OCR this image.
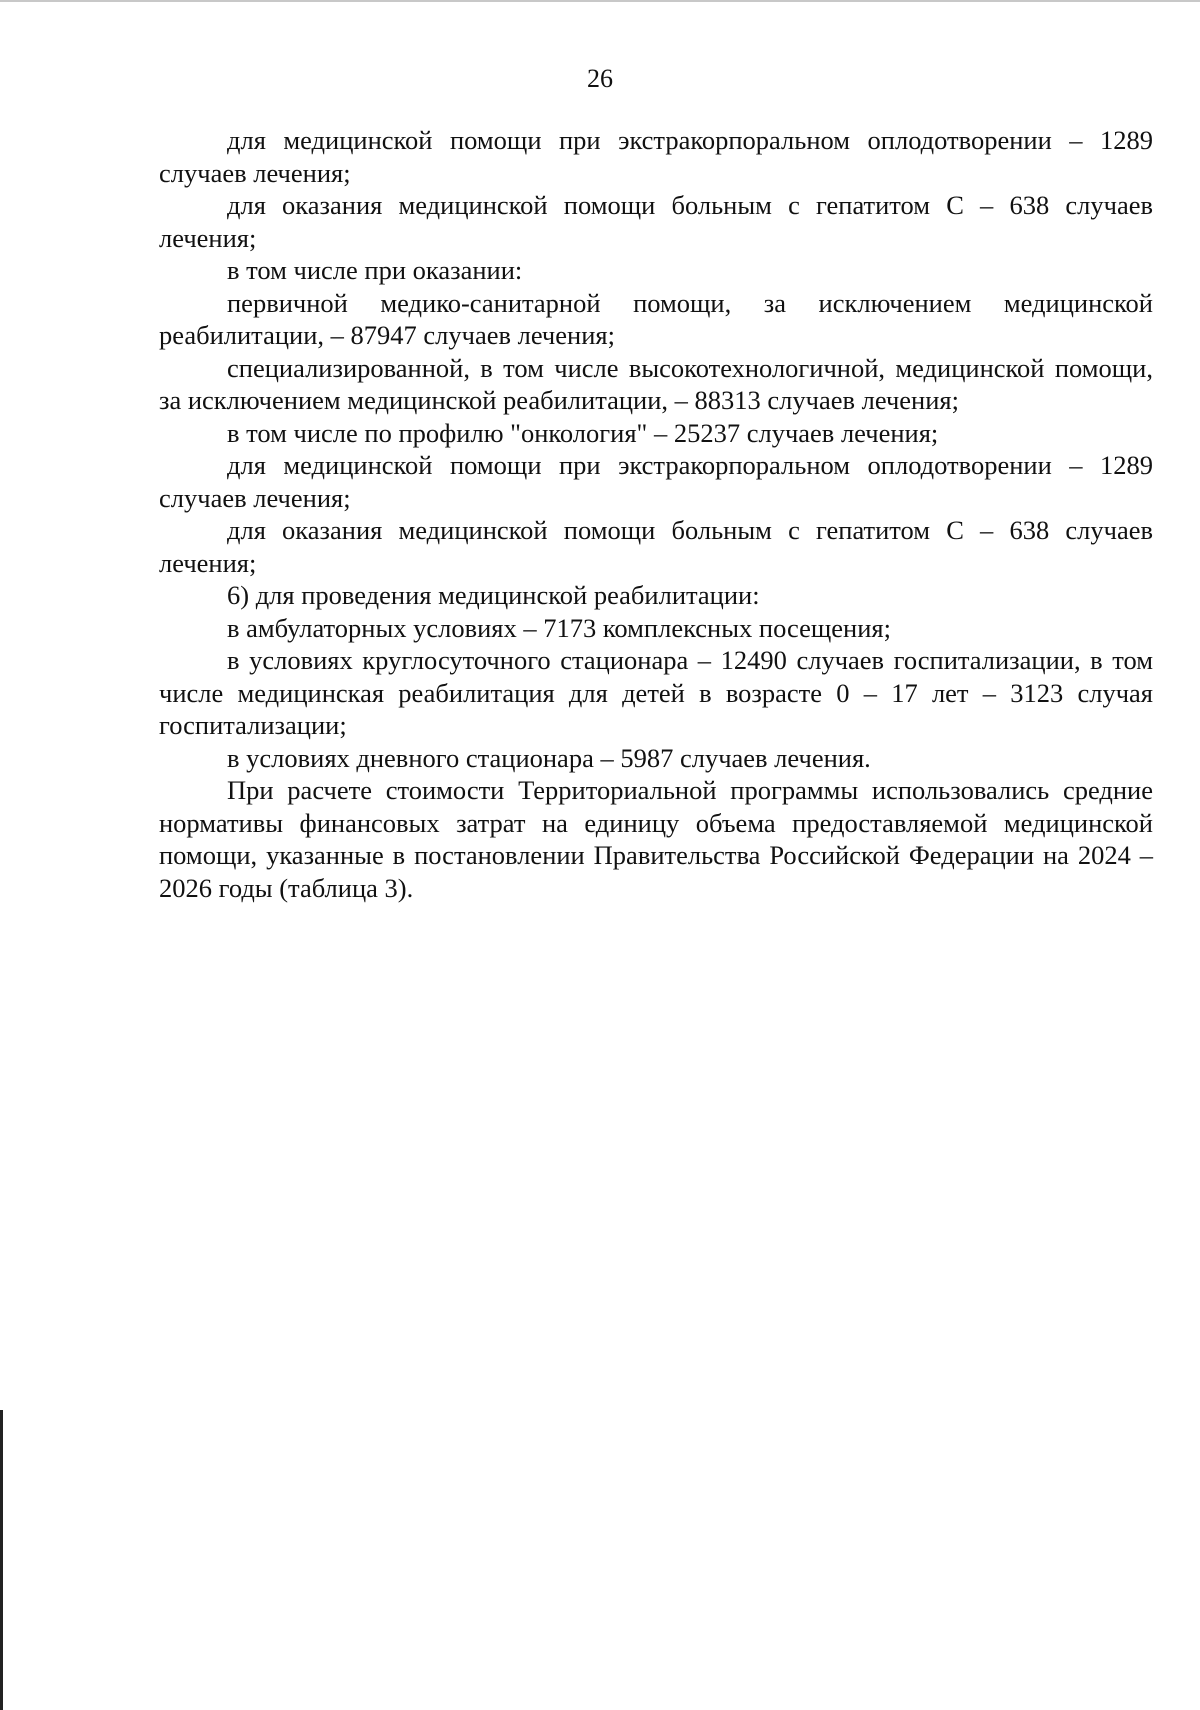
26

для медицинской помощи при экстракорпоральном оплодотворении – 1289 случаев лечения;

для оказания медицинской помощи больным с гепатитом С – 638 случаев лечения;

в том числе при оказании:

первичной медико-санитарной помощи, за исключением медицинской реабилитации, – 87947 случаев лечения;

специализированной, в том числе высокотехнологичной, медицинской помощи, за исключением медицинской реабилитации, – 88313 случаев лечения;

в том числе по профилю "онкология" – 25237 случаев лечения;

для медицинской помощи при экстракорпоральном оплодотворении – 1289 случаев лечения;

для оказания медицинской помощи больным с гепатитом С – 638 случаев лечения;

6) для проведения медицинской реабилитации:

в амбулаторных условиях – 7173 комплексных посещения;

в условиях круглосуточного стационара – 12490 случаев госпитализации, в том числе медицинская реабилитация для детей в возрасте 0 – 17 лет – 3123 случая госпитализации;

в условиях дневного стационара – 5987 случаев лечения.

При расчете стоимости Территориальной программы использовались средние нормативы финансовых затрат на единицу объема предоставляемой медицинской помощи, указанные в постановлении Правительства Российской Федерации на 2024 – 2026 годы (таблица 3).
